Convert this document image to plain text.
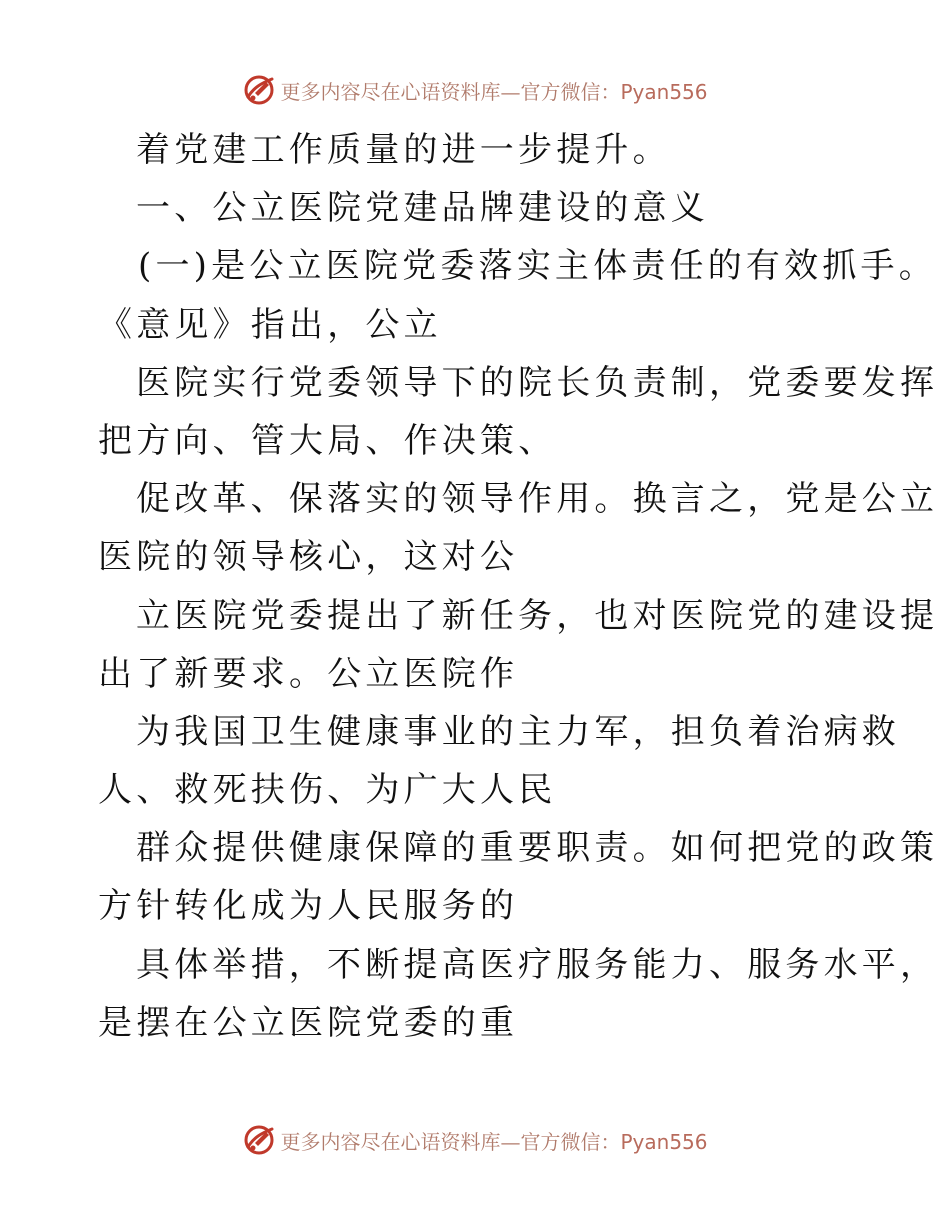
更多内容尽在心语资料库—官方微信：Pyan556
着党建工作质量的进一步提升。
一、公立医院党建品牌建设的意义
(一)是公立医院党委落实主体责任的有效抓手。
《意见》指出，公立
医院实行党委领导下的院长负责制，党委要发挥
把方向、管大局、作决策、
促改革、保落实的领导作用。换言之，党是公立
医院的领导核心，这对公
立医院党委提出了新任务，也对医院党的建设提
出了新要求。公立医院作
为我国卫生健康事业的主力军，担负着治病救
人、救死扶伤、为广大人民
群众提供健康保障的重要职责。如何把党的政策
方针转化成为人民服务的
具体举措，不断提高医疗服务能力、服务水平，
是摆在公立医院党委的重
更多内容尽在心语资料库—官方微信：Pyan556
